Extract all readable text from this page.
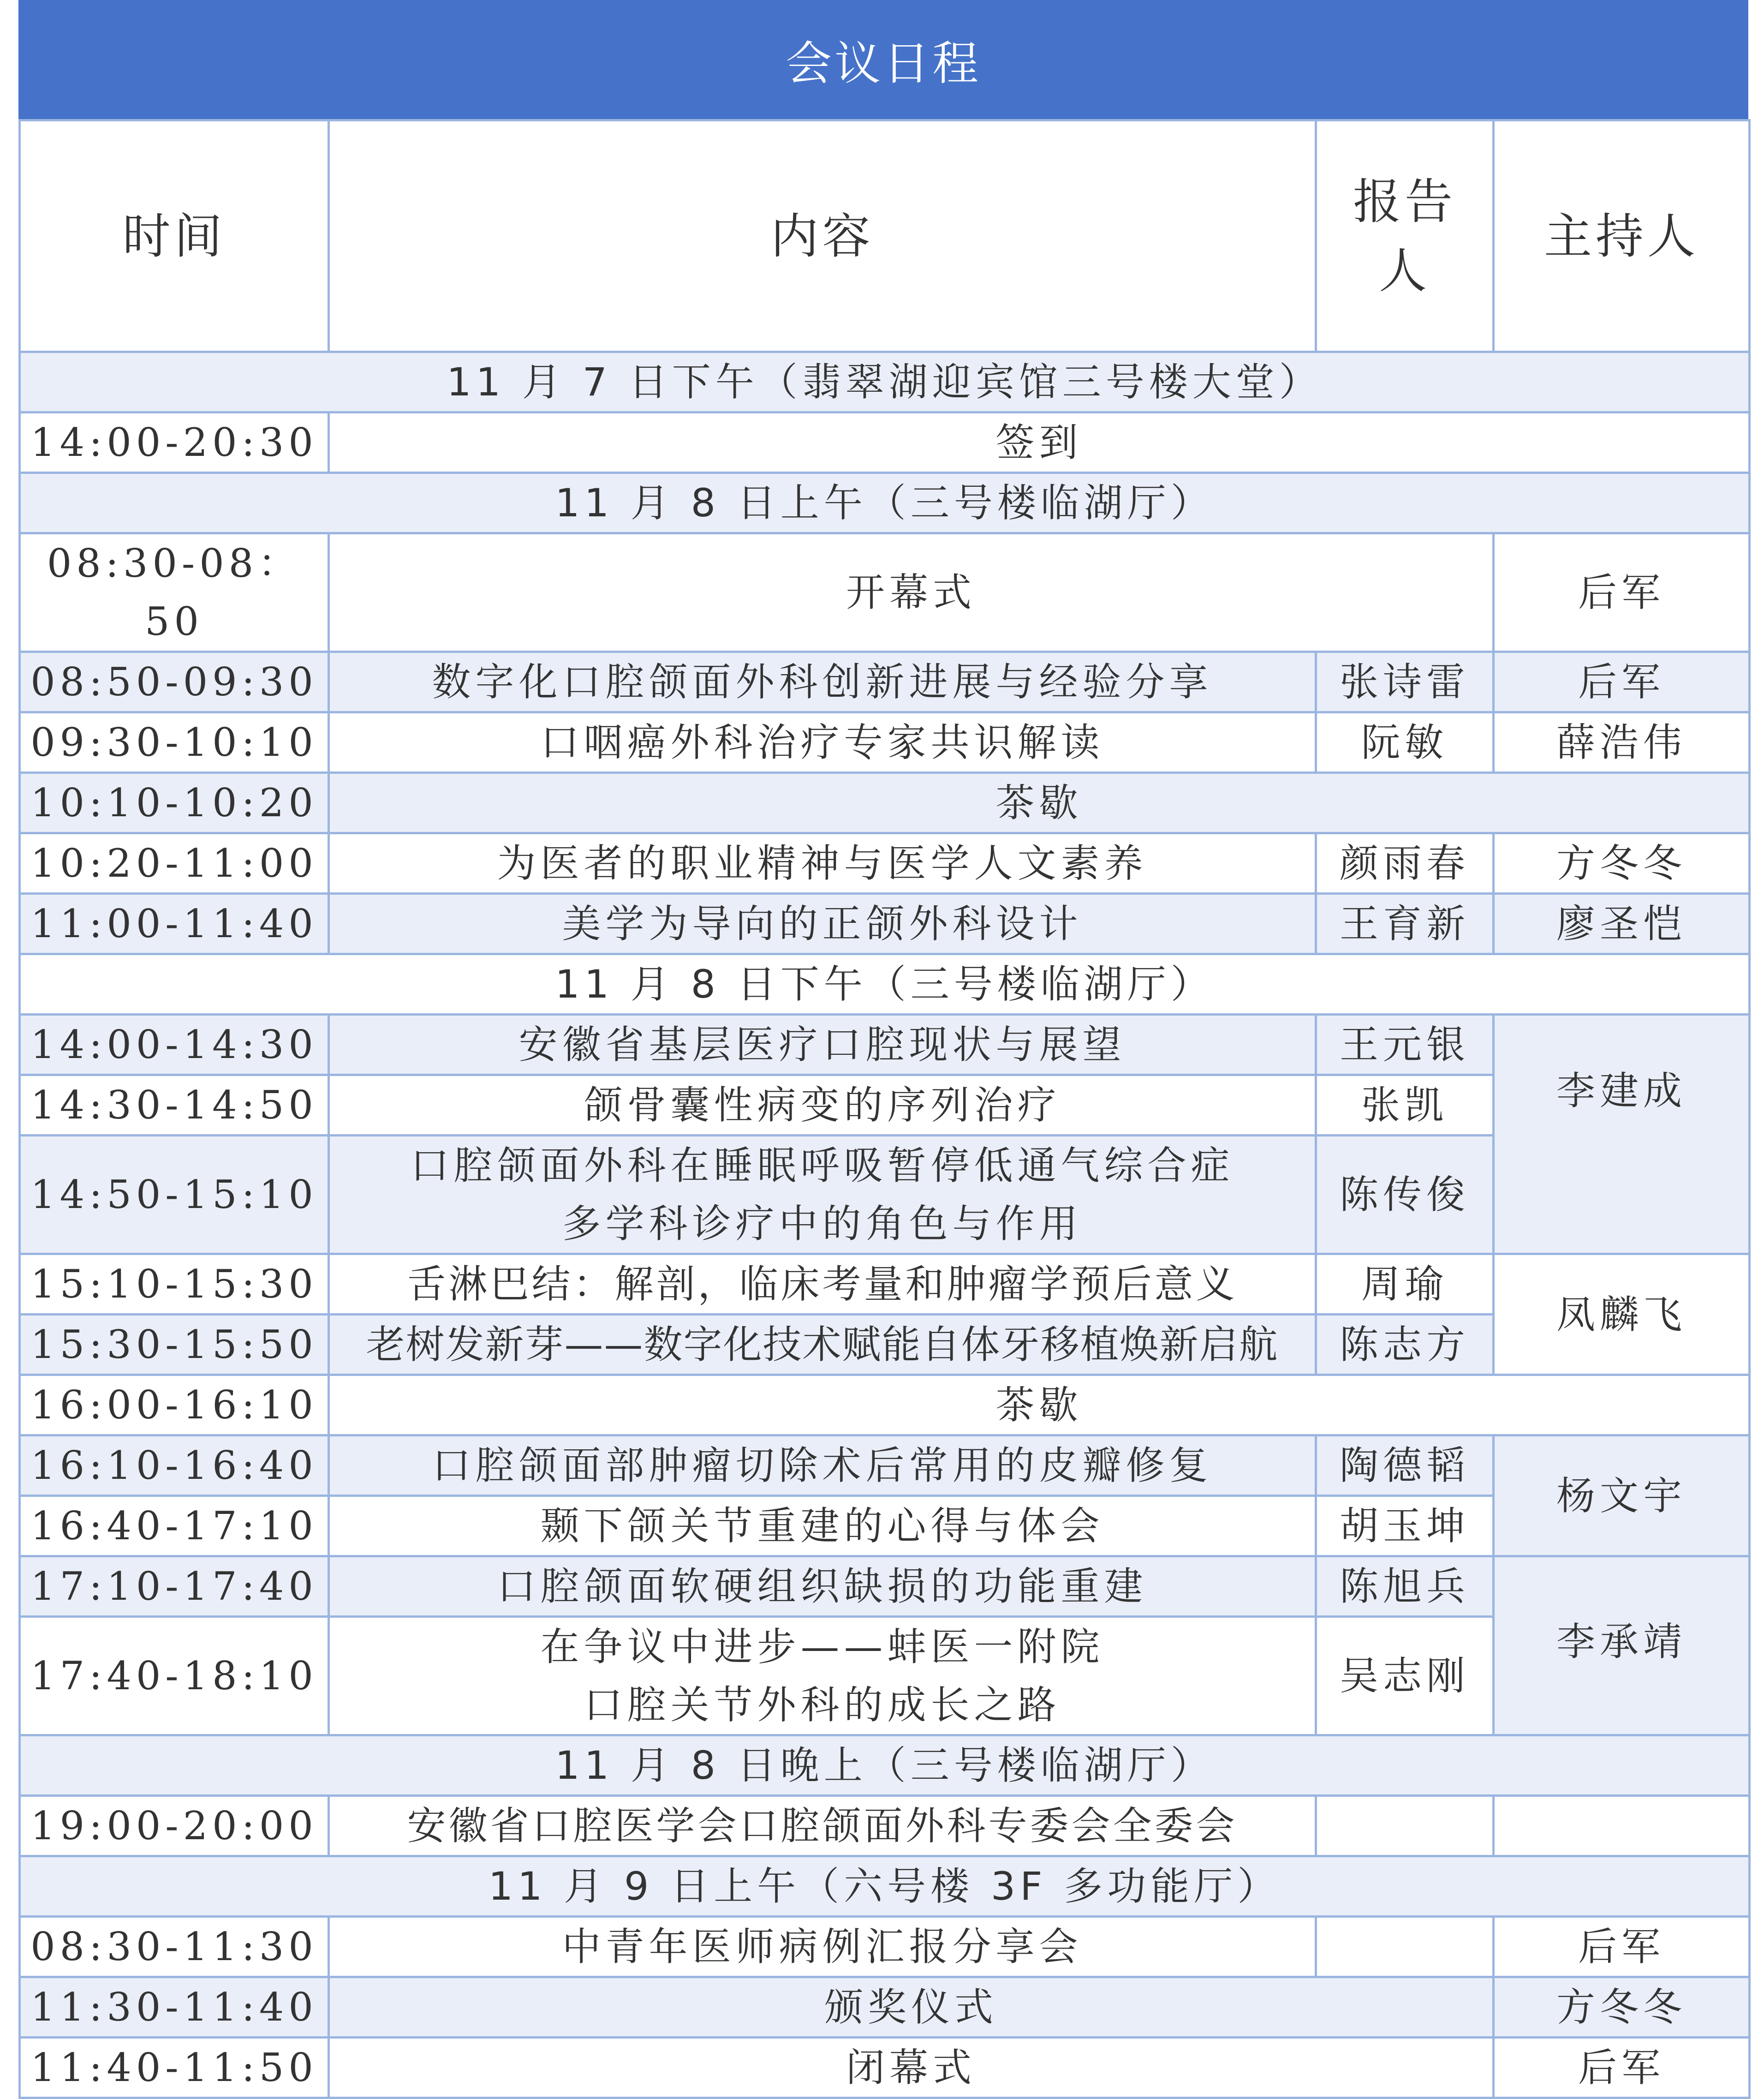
会议日程
时间	内容	报告人	主持人
11 月 7 日下午（翡翠湖迎宾馆三号楼大堂）			
14:00-20:30	签到		
11 月 8 日上午（三号楼临湖厅）			
08:30-08：50	开幕式		后军
08:50-09:30	数字化口腔颌面外科创新进展与经验分享	张诗雷	后军
09:30-10:10	口咽癌外科治疗专家共识解读	阮敏	薛浩伟
10:10-10:20	茶歇		
10:20-11:00	为医者的职业精神与医学人文素养	颜雨春	方冬冬
11:00-11:40	美学为导向的正颌外科设计	王育新	廖圣恺
11 月 8 日下午（三号楼临湖厅）			
14:00-14:30	安徽省基层医疗口腔现状与展望	王元银	李建成
14:30-14:50	颌骨囊性病变的序列治疗	张凯	
14:50-15:10	口腔颌面外科在睡眠呼吸暂停低通气综合症
多学科诊疗中的角色与作用	陈传俊	
15:10-15:30	舌淋巴结：解剖，临床考量和肿瘤学预后意义	周瑜	凤麟飞
15:30-15:50	老树发新芽——数字化技术赋能自体牙移植焕新启航	陈志方	
16:00-16:10	茶歇		
16:10-16:40	口腔颌面部肿瘤切除术后常用的皮瓣修复	陶德韬	杨文宇
16:40-17:10	颞下颌关节重建的心得与体会	胡玉坤	
17:10-17:40	口腔颌面软硬组织缺损的功能重建	陈旭兵	李承靖
17:40-18:10	在争议中进步——蚌医一附院
口腔关节外科的成长之路	吴志刚	
11 月 8 日晚上（三号楼临湖厅）			
19:00-20:00	安徽省口腔医学会口腔颌面外科专委会全委会		
11 月 9 日上午（六号楼 3F 多功能厅）			
08:30-11:30	中青年医师病例汇报分享会		后军
11:30-11:40	颁奖仪式		方冬冬
11:40-11:50	闭幕式		后军
